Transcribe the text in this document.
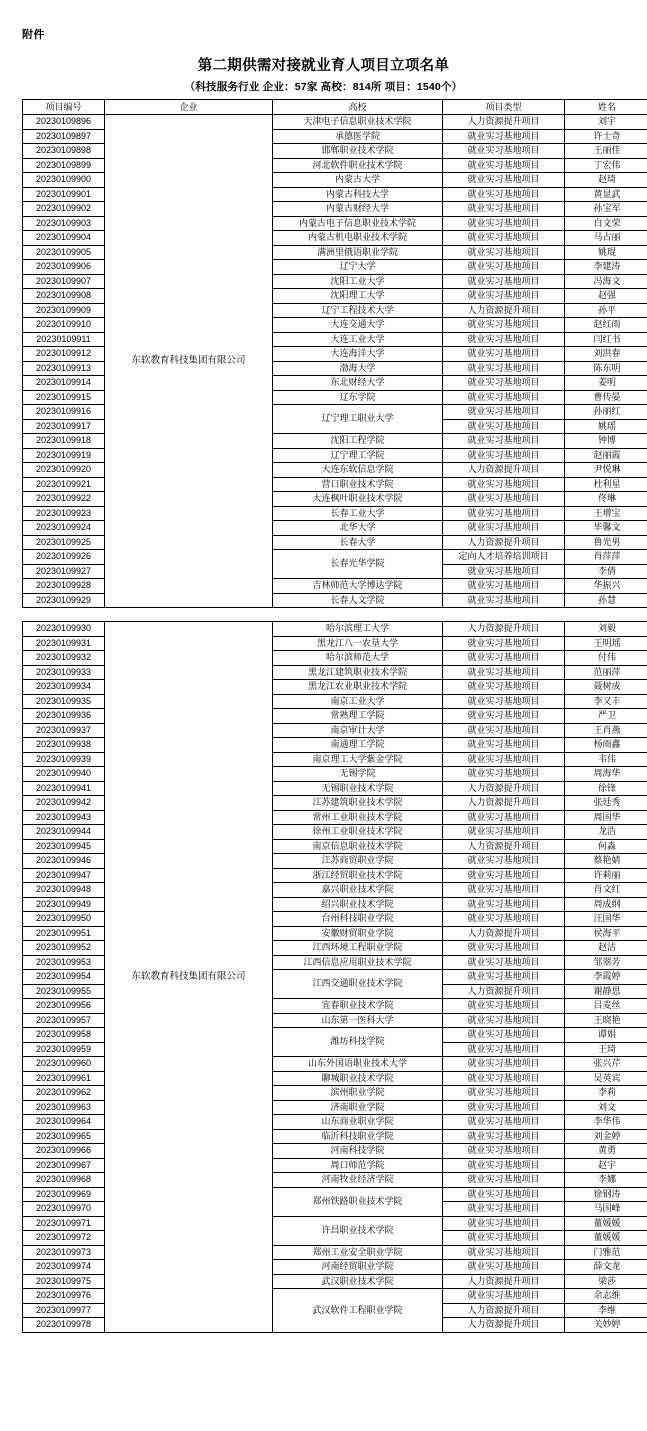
附件
第二期供需对接就业育人项目立项名单
（科技服务行业 企业：57家 高校：814所 项目：1540个）
项目编号	企业	高校	项目类型	姓名
20230109896	东软教育科技集团有限公司	天津电子信息职业技术学院	人力资源提升项目	刘宇
20230109897		承德医学院	就业实习基地项目	许士奇
20230109898		邯郸职业技术学院	就业实习基地项目	王丽佳
20230109899		河北软件职业技术学院	就业实习基地项目	丁宏伟
20230109900		内蒙古大学	就业实习基地项目	赵琦
20230109901		内蒙古科技大学	就业实习基地项目	黄显武
20230109902		内蒙古财经大学	就业实习基地项目	孙宝军
20230109903		内蒙古电子信息职业技术学院	就业实习基地项目	白文荣
20230109904		内蒙古机电职业技术学院	就业实习基地项目	马占丽
20230109905		满洲里俄语职业学院	就业实习基地项目	姚琨
20230109906		辽宁大学	就业实习基地项目	李建涛
20230109907		沈阳工业大学	就业实习基地项目	冯海文
20230109908		沈阳理工大学	就业实习基地项目	赵强
20230109909		辽宁工程技术大学	人力资源提升项目	孙平
20230109910		大连交通大学	就业实习基地项目	赵红雨
20230109911		大连工业大学	就业实习基地项目	闫红书
20230109912		大连海洋大学	就业实习基地项目	刘洪春
20230109913		渤海大学	就业实习基地项目	陈东明
20230109914		东北财经大学	就业实习基地项目	姜明
20230109915		辽东学院	就业实习基地项目	曹传晏
20230109916		辽宁理工职业大学	就业实习基地项目	孙丽红
20230109917			就业实习基地项目	姚瑶
20230109918		沈阳工程学院	就业实习基地项目	钟博
20230109919		辽宁理工学院	就业实习基地项目	赵丽霞
20230109920		大连东软信息学院	人力资源提升项目	尹悦琳
20230109921		营口职业技术学院	就业实习基地项目	杜利星
20230109922		大连枫叶职业技术学院	就业实习基地项目	佟琳
20230109923		长春工业大学	就业实习基地项目	王增宝
20230109924		北华大学	就业实习基地项目	毕馨文
20230109925		长春大学	人力资源提升项目	鲁光男
20230109926		长春光华学院	定向人才培养培训项目	肖萍萍
20230109927			就业实习基地项目	李倩
20230109928		吉林师范大学博达学院	就业实习基地项目	华振兴
20230109929		长春人文学院	就业实习基地项目	孙慧
20230109930	东软教育科技集团有限公司	哈尔滨理工大学	人力资源提升项目	刘毅
20230109931		黑龙江八一农垦大学	就业实习基地项目	王明瑶
20230109932		哈尔滨师范大学	就业实习基地项目	付伟
20230109933		黑龙江建筑职业技术学院	就业实习基地项目	范丽萍
20230109934		黑龙江农业职业技术学院	就业实习基地项目	聂树成
20230109935		南京工业大学	就业实习基地项目	李又丰
20230109936		常熟理工学院	就业实习基地项目	严卫
20230109937		南京审计大学	就业实习基地项目	王肖燕
20230109938		南通理工学院	就业实习基地项目	杨雨鑫
20230109939		南京理工大学紫金学院	就业实习基地项目	韦伟
20230109940		无锡学院	就业实习基地项目	周海华
20230109941		无锡职业技术学院	人力资源提升项目	徐锋
20230109942		江苏建筑职业技术学院	人力资源提升项目	张廷秀
20230109943		常州工业职业技术学院	就业实习基地项目	周国华
20230109944		徐州工业职业技术学院	就业实习基地项目	龙浩
20230109945		南京信息职业技术学院	人力资源提升项目	何淼
20230109946		江苏商贸职业学院	就业实习基地项目	蔡艳婧
20230109947		浙江经贸职业技术学院	就业实习基地项目	许莉丽
20230109948		嘉兴职业技术学院	就业实习基地项目	肖文红
20230109949		绍兴职业技术学院	就业实习基地项目	周成纲
20230109950		台州科技职业学院	就业实习基地项目	汪国华
20230109951		安徽财贸职业学院	人力资源提升项目	侯海平
20230109952		江西环境工程职业学院	就业实习基地项目	赵洁
20230109953		江西信息应用职业技术学院	就业实习基地项目	邹翠芳
20230109954		江西交通职业技术学院	就业实习基地项目	李霞婷
20230109955			人力资源提升项目	谢静思
20230109956		宜春职业技术学院	就业实习基地项目	吕麦丝
20230109957		山东第一医科大学	就业实习基地项目	王晓艳
20230109958		潍坊科技学院	就业实习基地项目	谭娟
20230109959			就业实习基地项目	王琦
20230109960		山东外国语职业技术大学	就业实习基地项目	张兴芹
20230109961		聊城职业技术学院	就业实习基地项目	吴英宾
20230109962		滨州职业学院	就业实习基地项目	李莉
20230109963		济南职业学院	就业实习基地项目	刘文
20230109964		山东商业职业学院	就业实习基地项目	李华伟
20230109965		临沂科技职业学院	就业实习基地项目	刘金婷
20230109966		河南科技学院	就业实习基地项目	黄勇
20230109967		周口师范学院	就业实习基地项目	赵宇
20230109968		河南牧业经济学院	就业实习基地项目	李娜
20230109969		郑州铁路职业技术学院	就业实习基地项目	徐钢涛
20230109970			就业实习基地项目	马国峰
20230109971		许昌职业技术学院	就业实习基地项目	董媛媛
20230109972			就业实习基地项目	董媛媛
20230109973		郑州工业安全职业学院	就业实习基地项目	门雅范
20230109974		河南经贸职业学院	就业实习基地项目	薛文龙
20230109975		武汉职业技术学院	人力资源提升项目	梁莎
20230109976		武汉软件工程职业学院	就业实习基地项目	余志维
20230109977			人力资源提升项目	李维
20230109978			人力资源提升项目	关妙婷
